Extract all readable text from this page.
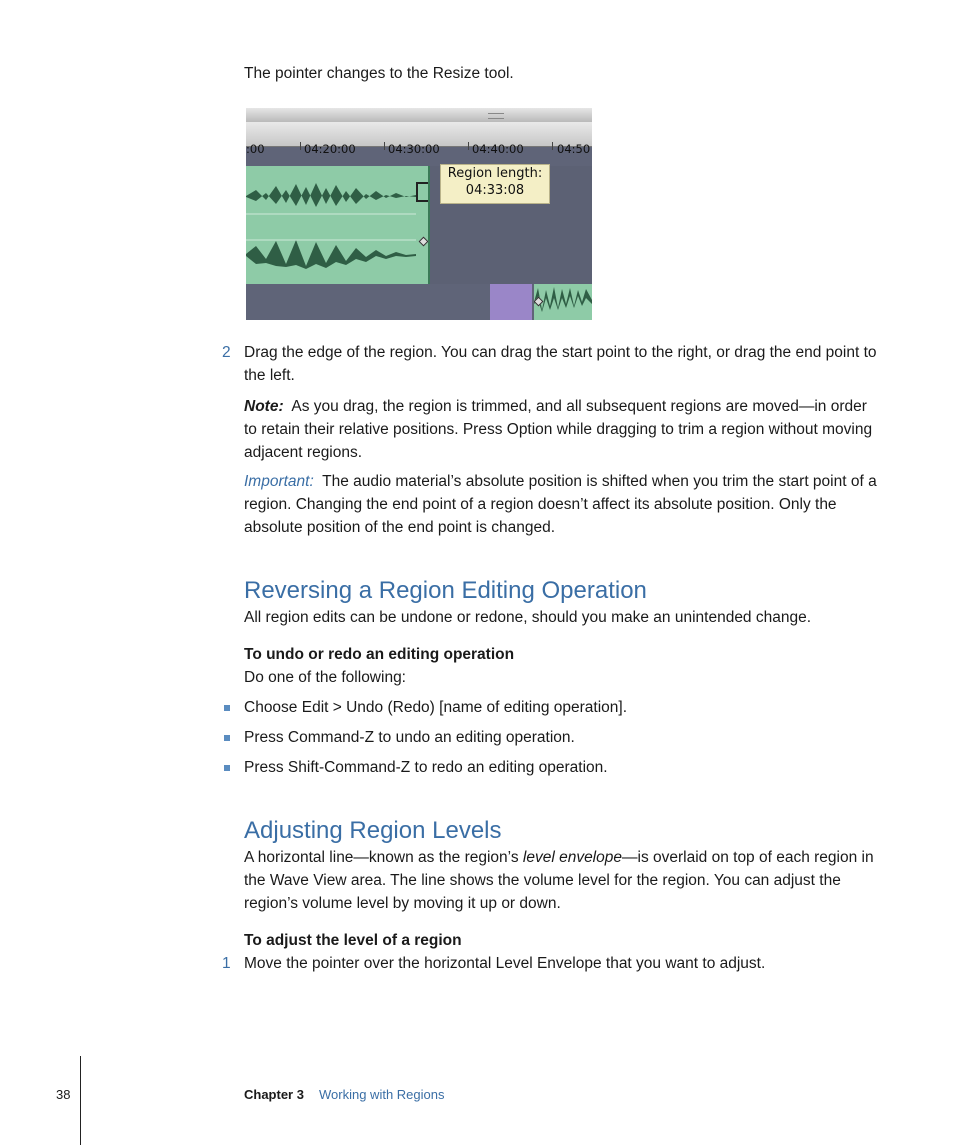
The pointer changes to the Resize tool.

:00	04:20:00	04:30:00	04:40:00	04:50
Region length:
04:33:08
2 Drag the edge of the region. You can drag the start point to the right, or drag the end point to the left.

Note: As you drag, the region is trimmed, and all subsequent regions are moved—in order to retain their relative positions. Press Option while dragging to trim a region without moving adjacent regions.

Important: The audio material’s absolute position is shifted when you trim the start point of a region. Changing the end point of a region doesn’t affect its absolute position. Only the absolute position of the end point is changed.

Reversing a Region Editing Operation

All region edits can be undone or redone, should you make an unintended change.

To undo or redo an editing operation

Do one of the following:

Choose Edit > Undo (Redo) [name of editing operation].

Press Command-Z to undo an editing operation.

Press Shift-Command-Z to redo an editing operation.

Adjusting Region Levels

A horizontal line—known as the region’s level envelope—is overlaid on top of each region in the Wave View area. The line shows the volume level for the region. You can adjust the region’s volume level by moving it up or down.

To adjust the level of a region

1 Move the pointer over the horizontal Level Envelope that you want to adjust.

38	Chapter 3 Working with Regions
